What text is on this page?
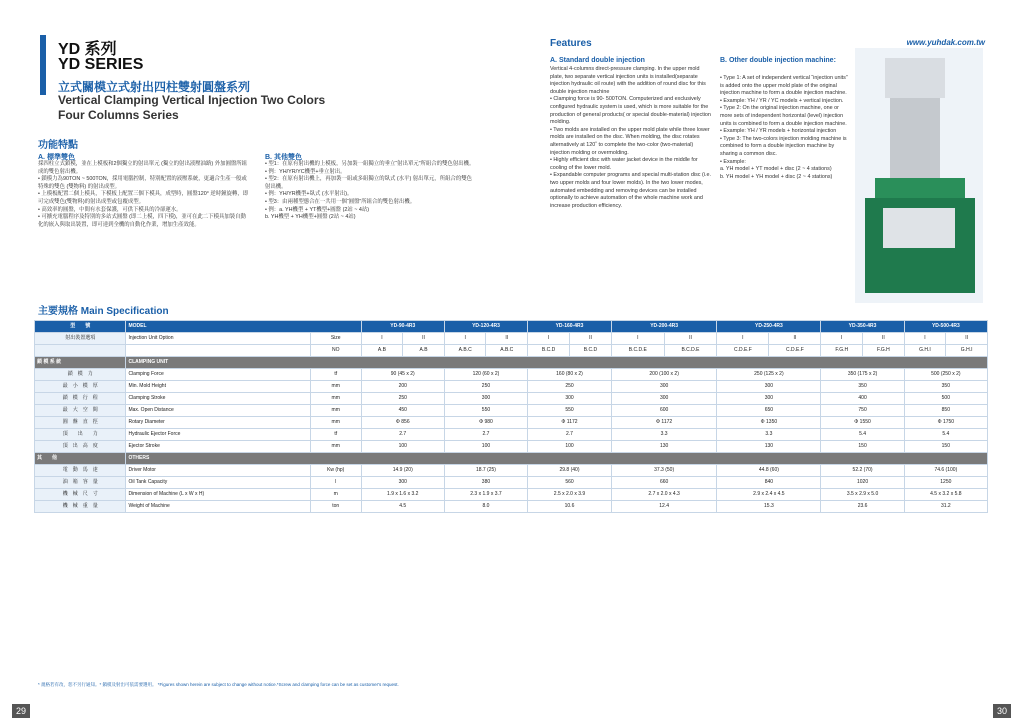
YD 系列
YD SERIES
立式關模立式射出四柱雙射圓盤系列
Vertical Clamping Vertical Injection Two Colors
Four Columns Series
www.yuhdak.com.tw
功能特點
A. 標準雙色
採四柱立式鎖模，並在上模板和2個獨立的射出單元 (獨立的射出液壓油路) 外加圓盤所組成的雙色射出機。
• 鎖模力為90TON ~ 500TON，採用電腦控制，特別配置的液壓系統，更適合生產一般或特殊的雙色 (雙物料) 的射出成型。
• 上模板配置二個上模具，下模板上配置三個下模具，成型時，圓盤120° 逆時鐘旋轉，即可完成雙色(雙物料)的射出成型或包覆成型。
• 高效率的圓盤，中間有水套保護，可供下模具的冷卻運水。
• 可擴充電腦程序及特別的多站式圓盤 (即二上模，四下模)，並可在此二下模具加裝自動化的嵌入與取出裝置，即可達到全機的自動化作業，增加生產效能。
B. 其他雙色
• 型1：在原有射出機的上模板，另加裝一組獨立的垂立“射出單元”所組合的雙色射出機。
• 例：YH/YR/YC機型+垂立射出。
• 型2：在原有射出機上，再加裝一組或多組獨立的臥式 (水平) 射出單元，所組合的雙色射出機。
• 例：YH/YR機型+臥式 (水平射出)。
• 型3：由兩種型態合在一共用一個“圓盤”所組合的雙色射出機。
• 例：a. YH機型 + YT機型+圓盤 (2站 ~ 4站)
b. YH機型 + YH機型+圓盤 (2站 ~ 4站)
Features
A. Standard double injection
Vertical 4-columns direct-pressure clamping. In the upper mold plate, two separate vertical injection units is installed(separate injection hydraulic oil route) with the addition of round disc for this double injection machine
• Clamping force is 90- 500TON. Computerized and exclusively configured hydraulic system is used, which is more suitable for the production of general products( or special double-material) injection molding.
• Two molds are installed on the upper mold plate while three lower molds are installed on the disc. When molding, the disc rotates alternatively at 120˚ to complete the two-color (two-material) injection molding or overmolding.
• Highly efficient disc with water jacket device in the middle for cooling of the lower mold.
• Expandable computer programs and special multi-station disc (i.e. two upper molds and four lower molds). In the two lower modes, automated embedding and removing devices can be installed optionally to achieve automation of the whole machine work and increase production efficiency.
B. Other double injection machine:
• Type 1: A set of independent vertical “injection units” is added onto the upper mold plate of the original injection machine to form a double injection machine.
• Example: YH / YR / YC models + vertical injection.
• Type 2: On the original injection machine, one or more sets of independent horizontal (level) injection units is combined to form a double injection machine.
• Example: YH / YR models + horizontal injection
• Type 3: The two-colors injection molding machine is combined to form a double injection machine by sharing a common disc.
• Example:
a. YH model + YT model + disc (2 ~ 4 stations)
b. YH model + YH model + disc (2 ~ 4 stations)
主要規格 Main Specification
型　　號	MODEL		YD-90-4R3		YD-120-4R3		YD-160-4R3		YD-200-4R3		YD-250-4R3		YD-350-4R3		YD-500-4R3	
射出裝置選項	Injection Unit Option	Size	I	II	I	II	I	II	I	II	I	II	I	II	I	II
		NO	A.B	A.B	A.B.C	A.B.C	B.C.D	B.C.D	B.C.D.E	B.C.D.E	C.D.E.F	C.D.E.F	F.G.H	F.G.H	G.H.I	G.H.I
鎖 模 系 統	CLAMPING UNIT															
鎖　模　力	Clamping Force	tf	90 (45 x 2)		120 (60 x 2)		160 (80 x 2)		200 (100 x 2)		250 (125 x 2)		350 (175 x 2)		500 (250 x 2)	
最　小　模　厚	Min. Mold Height	mm	200		250		250		300		300		350		350	
鎖　模　行　程	Clamping Stroke	mm	250		300		300		300		300		400		500	
最　大　空　間	Max. Open Distance	mm	450		550		550		600		650		750		850	
圓　盤　直　徑	Rotary Diameter	mm	Φ 856		Φ 980		Φ 1172		Φ 1172		Φ 1350		Φ 1550		Φ 1750	
頂　　出　　力	Hydraulic Ejector Force	tf	2.7		2.7		2.7		3.3		3.3		5.4		5.4	
頂　出　高　度	Ejector Stroke	mm	100		100		100		130		130		150		150	
其　　他	OTHERS															
電　動　馬　達	Driver Motor	Kw (hp)	14.9 (20)		18.7 (25)		29.8 (40)		37.3 (50)		44.8 (60)		52.2 (70)		74.6 (100)	
油　箱　容　量	Oil Tank Capacity	l	300		380		560		660		840		1020		1250	
機　械　尺　寸	Dimension of Machine (L x W x H)	m	1.9 x 1.6 x 3.2		2.3 x 1.9 x 3.7		2.5 x 2.0 x 3.9		2.7 x 2.0 x 4.3		2.9 x 2.4 x 4.5		3.5 x 2.9 x 5.0		4.5 x 3.2 x 5.8	
機　械　重　量	Weight of Machine	ton	4.5		8.0		10.6		12.4		15.3		23.6		31.2	
* 規格若有改，恕不另行通知。* 鎖模及射出可依需要選用。 *Figures shown herein are subject to change without notice.*Screw and clamping force can be set as customer's request.
29	30
